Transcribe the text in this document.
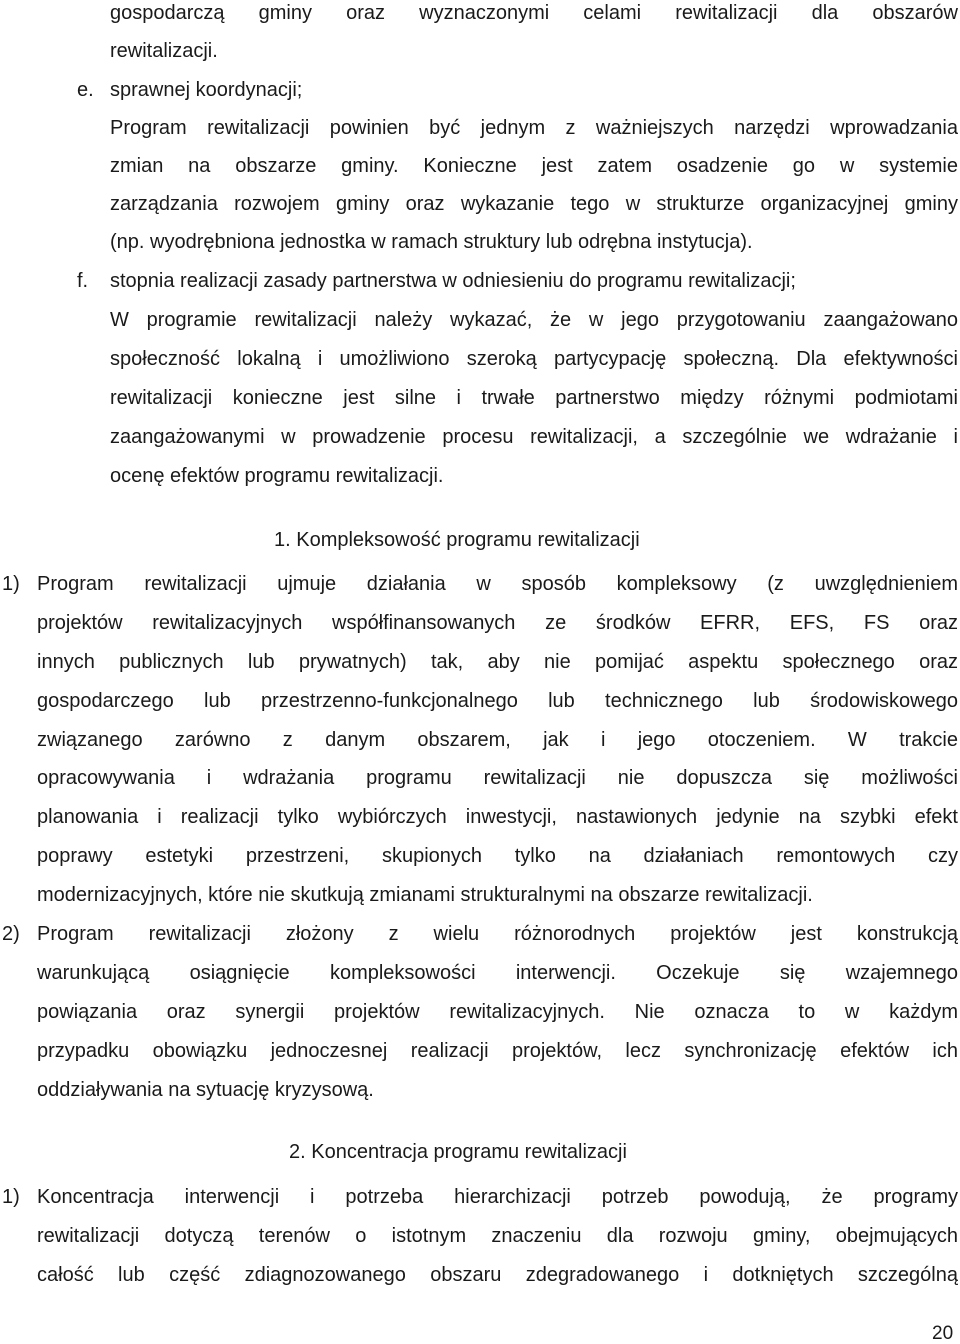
gospodarczą gminy oraz wyznaczonymi celami rewitalizacji dla obszarów
rewitalizacji.
e. sprawnej koordynacji;
Program rewitalizacji powinien być jednym z ważniejszych narzędzi wprowadzania
zmian na obszarze gminy. Konieczne jest zatem osadzenie go w systemie
zarządzania rozwojem gminy oraz wykazanie tego w strukturze organizacyjnej gminy
(np. wyodrębniona jednostka w ramach struktury lub odrębna instytucja).
f. stopnia realizacji zasady partnerstwa w odniesieniu do programu rewitalizacji;
W programie rewitalizacji należy wykazać, że w jego przygotowaniu zaangażowano
społeczność lokalną i umożliwiono szeroką partycypację społeczną. Dla efektywności
rewitalizacji konieczne jest silne i trwałe partnerstwo między różnymi podmiotami
zaangażowanymi w prowadzenie procesu rewitalizacji, a szczególnie we wdrażanie i
ocenę efektów programu rewitalizacji.
1. Kompleksowość programu rewitalizacji
1) Program rewitalizacji ujmuje działania w sposób kompleksowy (z uwzględnieniem
projektów rewitalizacyjnych współfinansowanych ze środków EFRR, EFS, FS oraz
innych publicznych lub prywatnych) tak, aby nie pomijać aspektu społecznego oraz
gospodarczego lub przestrzenno-funkcjonalnego lub technicznego lub środowiskowego
związanego zarówno z danym obszarem, jak i jego otoczeniem. W trakcie
opracowywania i wdrażania programu rewitalizacji nie dopuszcza się możliwości
planowania i realizacji tylko wybiórczych inwestycji, nastawionych jedynie na szybki efekt
poprawy estetyki przestrzeni, skupionych tylko na działaniach remontowych czy
modernizacyjnych, które nie skutkują zmianami strukturalnymi na obszarze rewitalizacji.
2) Program rewitalizacji złożony z wielu różnorodnych projektów jest konstrukcją
warunkującą osiągnięcie kompleksowości interwencji. Oczekuje się wzajemnego
powiązania oraz synergii projektów rewitalizacyjnych. Nie oznacza to w każdym
przypadku obowiązku jednoczesnej realizacji projektów, lecz synchronizację efektów ich
oddziaływania na sytuację kryzysową.
2. Koncentracja programu rewitalizacji
1) Koncentracja interwencji i potrzeba hierarchizacji potrzeb powodują, że programy
rewitalizacji dotyczą terenów o istotnym znaczeniu dla rozwoju gminy, obejmujących
całość lub część zdiagnozowanego obszaru zdegradowanego i dotkniętych szczególną
20
